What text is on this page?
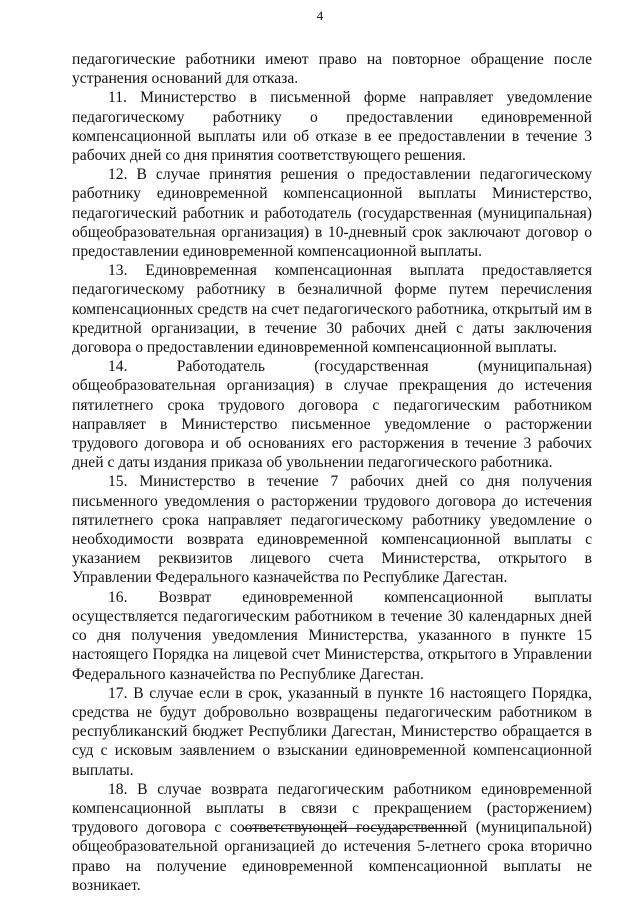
4

педагогические работники имеют право на повторное обращение после устранения оснований для отказа.

11. Министерство в письменной форме направляет уведомление педагогическому работнику о предоставлении единовременной компенсационной выплаты или об отказе в ее предоставлении в течение 3 рабочих дней со дня принятия соответствующего решения.

12. В случае принятия решения о предоставлении педагогическому работнику единовременной компенсационной выплаты Министерство, педагогический работник и работодатель (государственная (муниципальная) общеобразовательная организация) в 10-дневный срок заключают договор о предоставлении единовременной компенсационной выплаты.

13. Единовременная компенсационная выплата предоставляется педагогическому работнику в безналичной форме путем перечисления компенсационных средств на счет педагогического работника, открытый им в кредитной организации, в течение 30 рабочих дней с даты заключения договора о предоставлении единовременной компенсационной выплаты.

14. Работодатель (государственная (муниципальная) общеобразовательная организация) в случае прекращения до истечения пятилетнего срока трудового договора с педагогическим работником направляет в Министерство письменное уведомление о расторжении трудового договора и об основаниях его расторжения в течение 3 рабочих дней с даты издания приказа об увольнении педагогического работника.

15. Министерство в течение 7 рабочих дней со дня получения письменного уведомления о расторжении трудового договора до истечения пятилетнего срока направляет педагогическому работнику уведомление о необходимости возврата единовременной компенсационной выплаты с указанием реквизитов лицевого счета Министерства, открытого в Управлении Федерального казначейства по Республике Дагестан.

16. Возврат единовременной компенсационной выплаты осуществляется педагогическим работником в течение 30 календарных дней со дня получения уведомления Министерства, указанного в пункте 15 настоящего Порядка на лицевой счет Министерства, открытого в Управлении Федерального казначейства по Республике Дагестан.

17. В случае если в срок, указанный в пункте 16 настоящего Порядка, средства не будут добровольно возвращены педагогическим работником в республиканский бюджет Республики Дагестан, Министерство обращается в суд с исковым заявлением о взыскании единовременной компенсационной выплаты.

18. В случае возврата педагогическим работником единовременной компенсационной выплаты в связи с прекращением (расторжением) трудового договора с соответствующей государственной (муниципальной) общеобразовательной организацией до истечения 5-летнего срока вторично право на получение единовременной компенсационной выплаты не возникает.
